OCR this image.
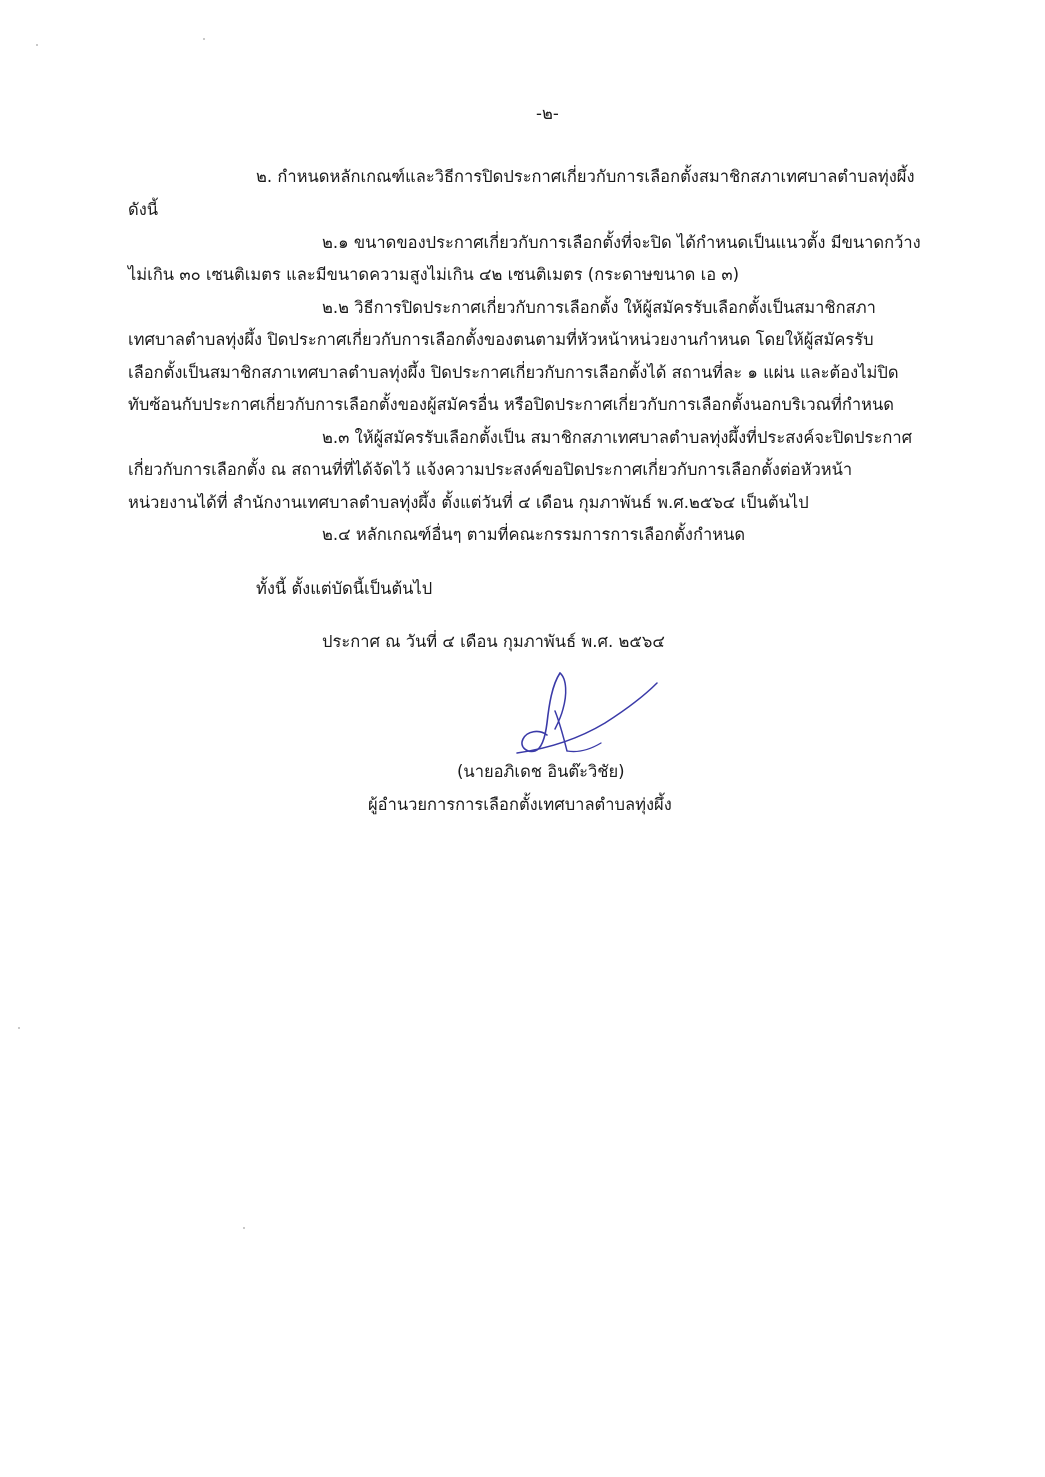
-๒-
๒. กำหนดหลักเกณฑ์และวิธีการปิดประกาศเกี่ยวกับการเลือกตั้งสมาชิกสภาเทศบาลตำบลทุ่งผึ้ง
ดังนี้
๒.๑ ขนาดของประกาศเกี่ยวกับการเลือกตั้งที่จะปิด ได้กำหนดเป็นแนวตั้ง มีขนาดกว้าง
ไม่เกิน ๓๐ เซนติเมตร และมีขนาดความสูงไม่เกิน ๔๒ เซนติเมตร (กระดาษขนาด เอ ๓)
๒.๒ วิธีการปิดประกาศเกี่ยวกับการเลือกตั้ง ให้ผู้สมัครรับเลือกตั้งเป็นสมาชิกสภา
เทศบาลตำบลทุ่งผึ้ง ปิดประกาศเกี่ยวกับการเลือกตั้งของตนตามที่หัวหน้าหน่วยงานกำหนด โดยให้ผู้สมัครรับ
เลือกตั้งเป็นสมาชิกสภาเทศบาลตำบลทุ่งผึ้ง ปิดประกาศเกี่ยวกับการเลือกตั้งได้ สถานที่ละ ๑ แผ่น และต้องไม่ปิด
ทับซ้อนกับประกาศเกี่ยวกับการเลือกตั้งของผู้สมัครอื่น หรือปิดประกาศเกี่ยวกับการเลือกตั้งนอกบริเวณที่กำหนด
๒.๓ ให้ผู้สมัครรับเลือกตั้งเป็น สมาชิกสภาเทศบาลตำบลทุ่งผึ้งที่ประสงค์จะปิดประกาศ
เกี่ยวกับการเลือกตั้ง ณ สถานที่ที่ได้จัดไว้ แจ้งความประสงค์ขอปิดประกาศเกี่ยวกับการเลือกตั้งต่อหัวหน้า
หน่วยงานได้ที่ สำนักงานเทศบาลตำบลทุ่งผึ้ง ตั้งแต่วันที่ ๔ เดือน กุมภาพันธ์ พ.ศ.๒๕๖๔ เป็นต้นไป
๒.๔ หลักเกณฑ์อื่นๆ ตามที่คณะกรรมการการเลือกตั้งกำหนด
ทั้งนี้ ตั้งแต่บัดนี้เป็นต้นไป
ประกาศ ณ วันที่ ๔ เดือน กุมภาพันธ์ พ.ศ. ๒๕๖๔
(นายอภิเดช อินต๊ะวิชัย)
ผู้อำนวยการการเลือกตั้งเทศบาลตำบลทุ่งผึ้ง
